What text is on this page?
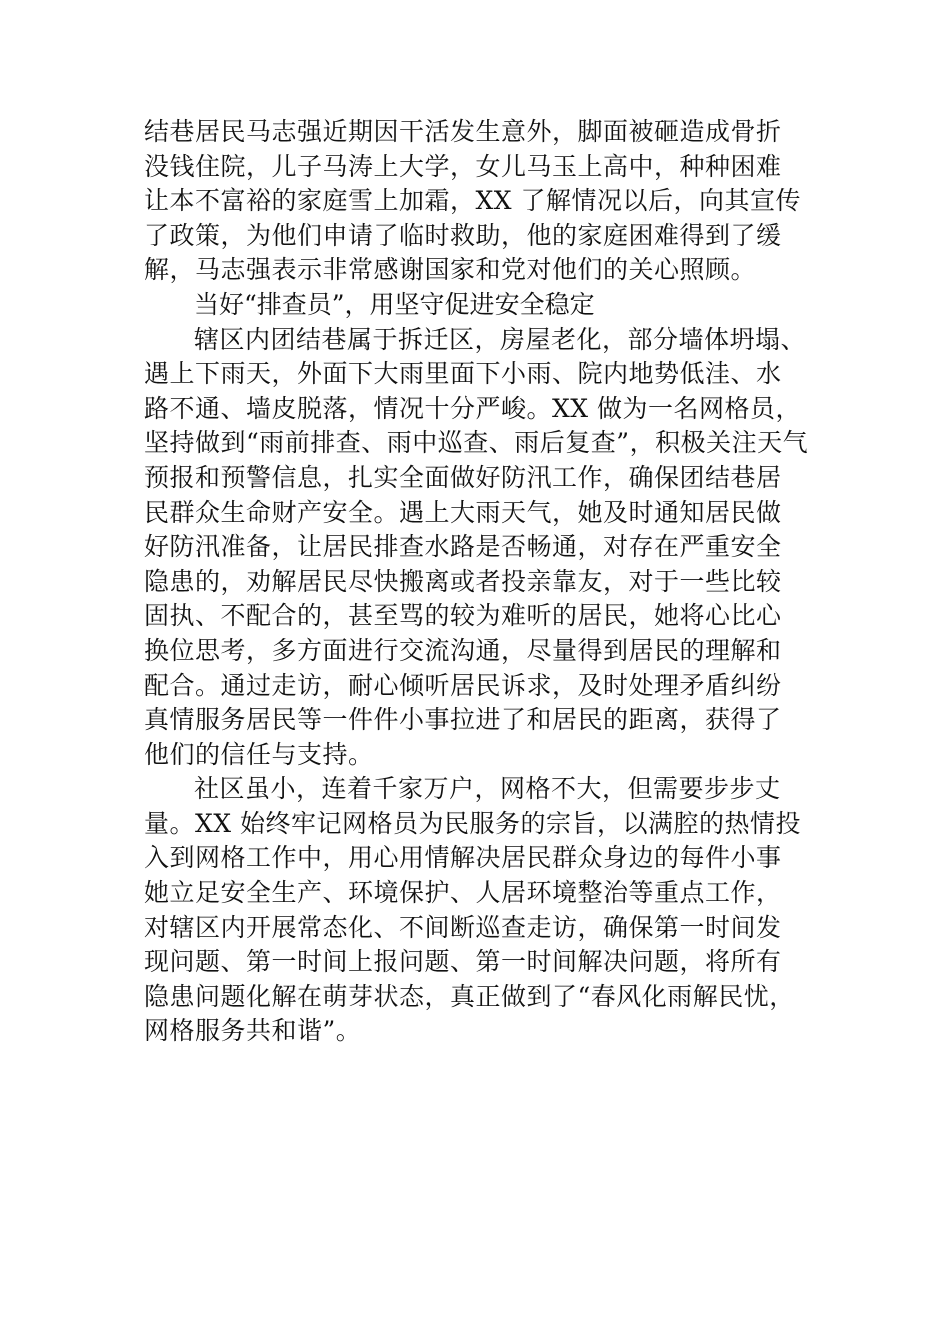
结巷居民马志强近期因干活发生意外，脚面被砸造成骨折
没钱住院，儿子马涛上大学，女儿马玉上高中，种种困难
让本不富裕的家庭雪上加霜，XX 了解情况以后，向其宣传
了政策，为他们申请了临时救助，他的家庭困难得到了缓
解，马志强表示非常感谢国家和党对他们的关心照顾。

当好“排查员”，用坚守促进安全稳定

辖区内团结巷属于拆迁区，房屋老化，部分墙体坍塌、
遇上下雨天，外面下大雨里面下小雨、院内地势低洼、水
路不通、墙皮脱落，情况十分严峻。XX 做为一名网格员，
坚持做到“雨前排查、雨中巡查、雨后复查”，积极关注天气
预报和预警信息，扎实全面做好防汛工作，确保团结巷居
民群众生命财产安全。遇上大雨天气，她及时通知居民做
好防汛准备，让居民排查水路是否畅通，对存在严重安全
隐患的，劝解居民尽快搬离或者投亲靠友，对于一些比较
固执、不配合的，甚至骂的较为难听的居民，她将心比心
换位思考，多方面进行交流沟通，尽量得到居民的理解和
配合。通过走访，耐心倾听居民诉求，及时处理矛盾纠纷
真情服务居民等一件件小事拉进了和居民的距离，获得了
他们的信任与支持。

社区虽小，连着千家万户，网格不大，但需要步步丈
量。XX 始终牢记网格员为民服务的宗旨，以满腔的热情投
入到网格工作中，用心用情解决居民群众身边的每件小事
她立足安全生产、环境保护、人居环境整治等重点工作，
对辖区内开展常态化、不间断巡查走访，确保第一时间发
现问题、第一时间上报问题、第一时间解决问题，将所有
隐患问题化解在萌芽状态，真正做到了“春风化雨解民忧，
网格服务共和谐”。
